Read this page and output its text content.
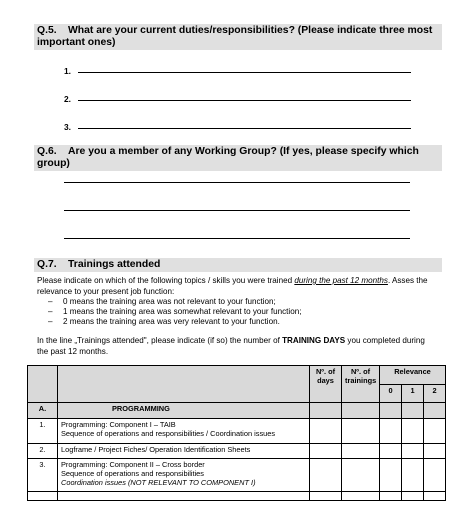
Q.5. What are your current duties/responsibilities? (Please indicate three most
important ones)
1.
2.
3.
Q.6. Are you a member of any Working Group? (If yes, please specify which group)
Q.7. Trainings attended
Please indicate on which of the following topics / skills you were trained during the past 12 months. Asses the
relevance to your present job function:
– 0 means the training area was not relevant to your function;
– 1 means the training area was somewhat relevant to your function;
– 2 means the training area was very relevant to your function.
In the line „Trainings attended", please indicate (if so) the number of TRAINING DAYS you completed during
the past 12 months.
		Nº. of days	Nº. of trainings	Relevance		
				0	1	2
A.	PROGRAMMING					
1.	Programming: Component I – TAIB
Sequence of operations and responsibilities / Coordination issues					
2.	Logframe / Project Fiches/ Operation Identification Sheets					
3.	Programming: Component II – Cross border
Sequence of operations and responsibilities
Coordination issues (NOT RELEVANT TO COMPONENT I)					
